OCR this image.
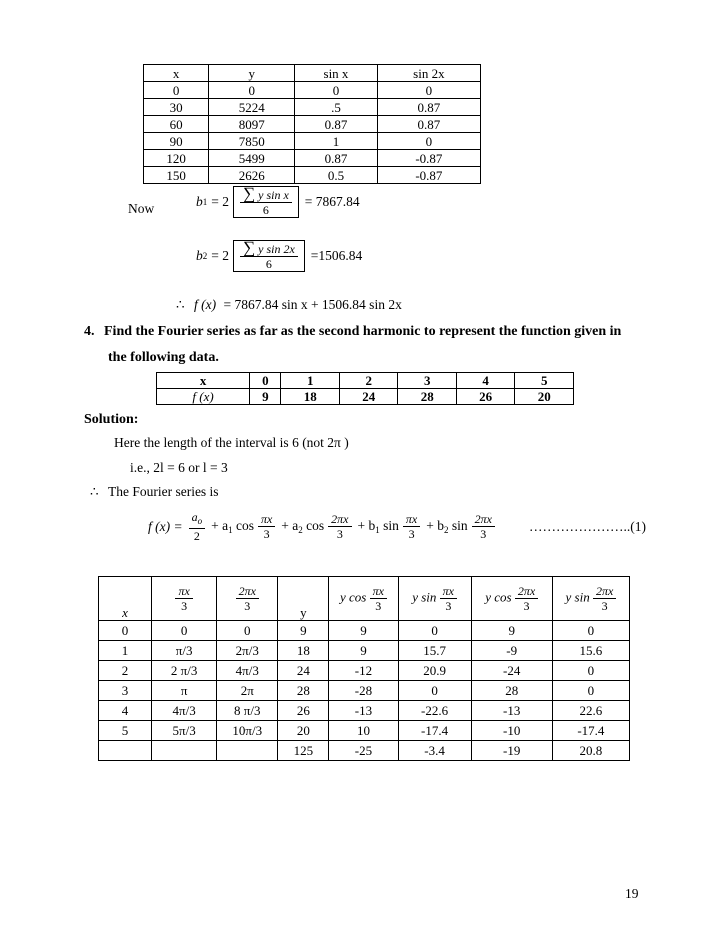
x	y	sin x	sin 2x
0	0	0	0
30	5224	.5	0.87
60	8097	0.87	0.87
90	7850	1	0
120	5499	0.87	-0.87
150	2626	0.5	-0.87
Now	b $1 = 2 \frac{\text{∑ y sin x}}{6} = 7867.84$
b $2 = 2 \frac{\text{∑ y sin 2x}}{6} =1506.84$
∴ f (x) = 7867.84 sin x + 1506.84 sin 2x
4. Find the Fourier series as far as the second harmonic to represent the function given in
the following data.
x	0	1	2	3	4	5
f (x)	9	18	24	28	26	20
Solution:
Here the length of the interval is 6 (not 2π )
i.e., 2l = 6 or l = 3
∴ The Fourier series is
f $(x) = \frac{a_o}{2} + a_1$ $\cos \frac{\pi x}{3} + a_2$ $\cos \frac{2\pi x}{3} + b_1$ $\sin \frac{\pi x}{3} + b_2$ $\sin \frac{2\pi x}{3}$	…………………..(1)
x	$\frac{\pi x}{3}$	$\frac{2\pi x}{3}$	y	y $\cos \frac{\pi x}{3}$	y $\sin \frac{\pi x}{3}$	y $\cos \frac{2\pi x}{3}$	y $\sin \frac{2\pi x}{3}$

0	0	0	9	9	0	9	0
1	π/3	2π/3	18	9	15.7	-9	15.6
2	2 π/3	4π/3	24	-12	20.9	-24	0
3	π	2π	28	-28	0	28	0
4	4π/3	8 π/3	26	-13	-22.6	-13	22.6
5	5π/3	10π/3	20	10	-17.4	-10	-17.4
			125	-25	-3.4	-19	20.8
19
